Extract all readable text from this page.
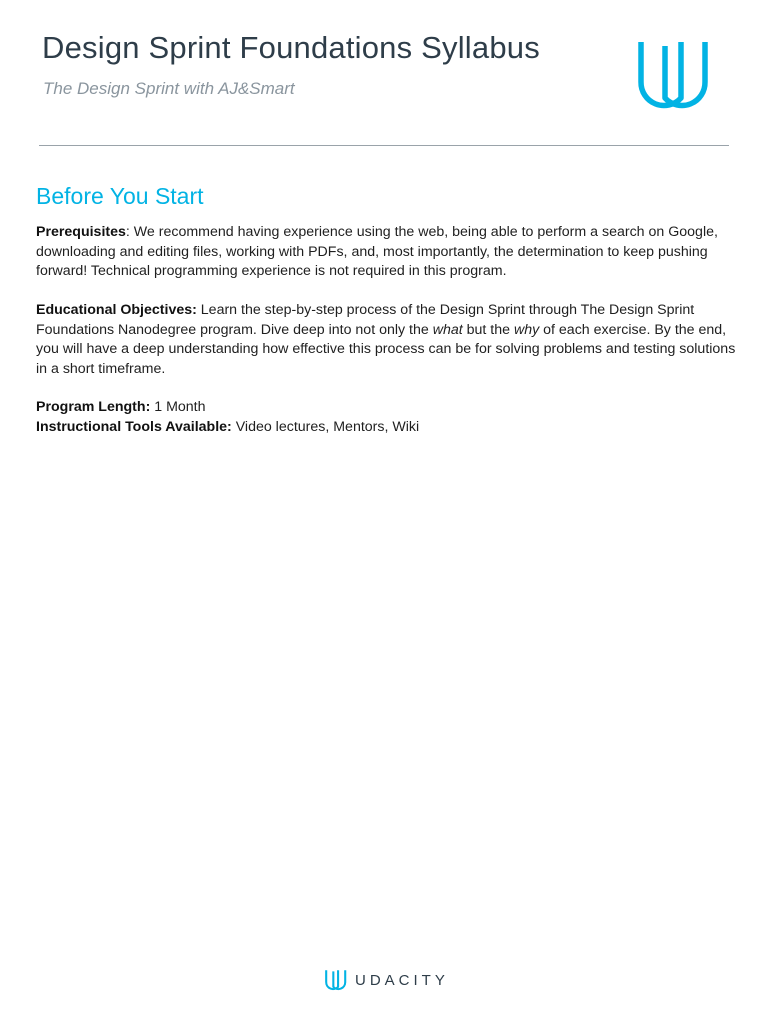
Design Sprint Foundations Syllabus

The Design Sprint with AJ&Smart

Before You Start
Prerequisites: We recommend having experience using the web, being able to perform a search on Google, downloading and editing files, working with PDFs, and, most importantly, the determination to keep pushing forward! Technical programming experience is not required in this program.
Educational Objectives: Learn the step-by-step process of the Design Sprint through The Design Sprint Foundations Nanodegree program. Dive deep into not only the what but the why of each exercise. By the end, you will have a deep understanding how effective this process can be for solving problems and testing solutions in a short timeframe.
Program Length: 1 Month
Instructional Tools Available: Video lectures, Mentors, Wiki
UDACITY
